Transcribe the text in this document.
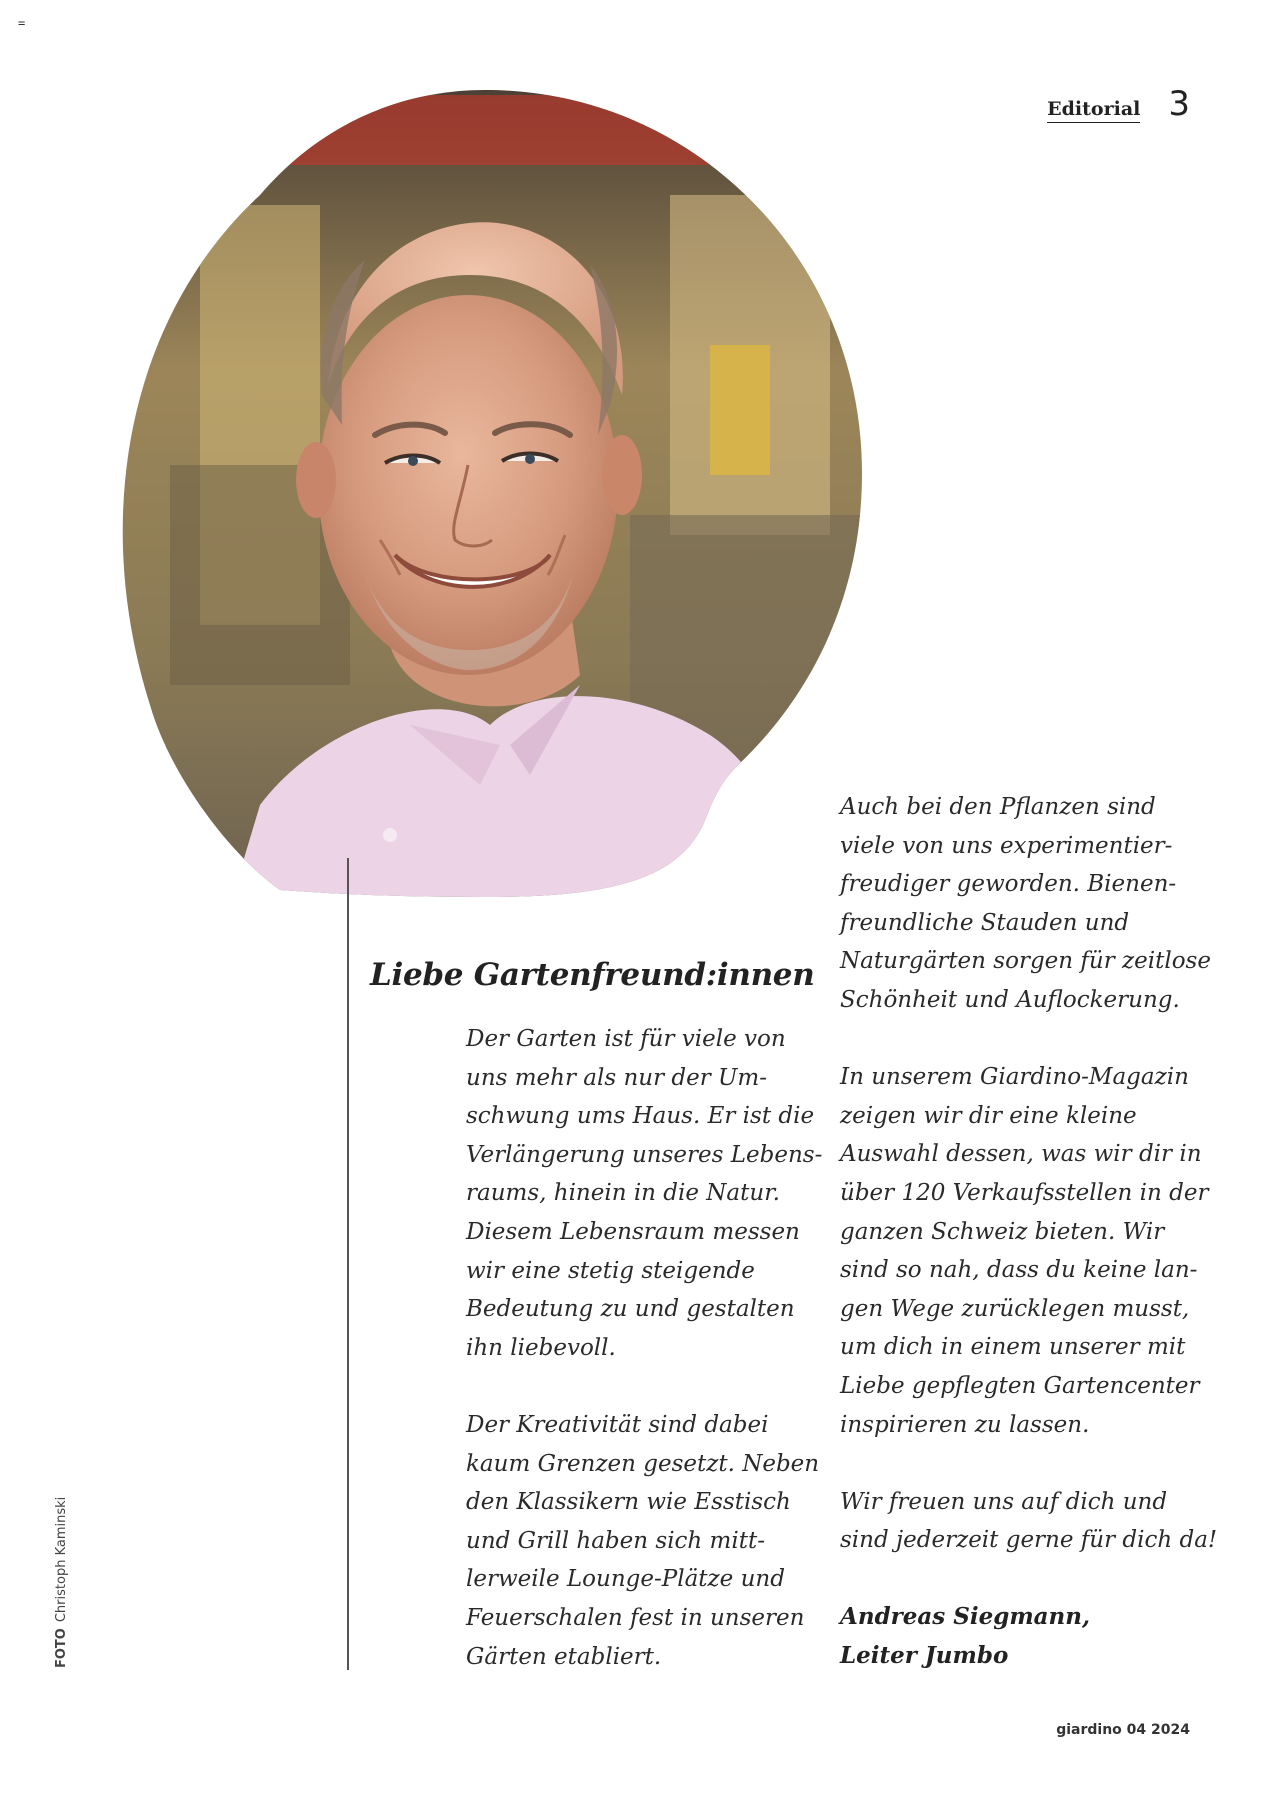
=
Editorial 3
Liebe Gartenfreund:innen

Der Garten ist für viele von
uns mehr als nur der Um-
schwung ums Haus. Er ist die
Verlängerung unseres Lebens-
raums, hinein in die Natur.
Diesem Lebensraum messen
wir eine stetig steigende
Bedeutung zu und gestalten
ihn liebevoll.

Der Kreativität sind dabei
kaum Grenzen gesetzt. Neben
den Klassikern wie Esstisch
und Grill haben sich mitt-
lerweile Lounge-Plätze und
Feuerschalen fest in unseren
Gärten etabliert.

Auch bei den Pflanzen sind
viele von uns experimentier-
freudiger geworden. Bienen-
freundliche Stauden und
Naturgärten sorgen für zeitlose
Schönheit und Auflockerung.

In unserem Giardino-Magazin
zeigen wir dir eine kleine
Auswahl dessen, was wir dir in
über 120 Verkaufsstellen in der
ganzen Schweiz bieten. Wir
sind so nah, dass du keine lan-
gen Wege zurücklegen musst,
um dich in einem unserer mit
Liebe gepflegten Gartencenter
inspirieren zu lassen.

Wir freuen uns auf dich und
sind jederzeit gerne für dich da!

Andreas Siegmann,
Leiter Jumbo

FOTOChristoph Kaminski
giardino 04 2024
